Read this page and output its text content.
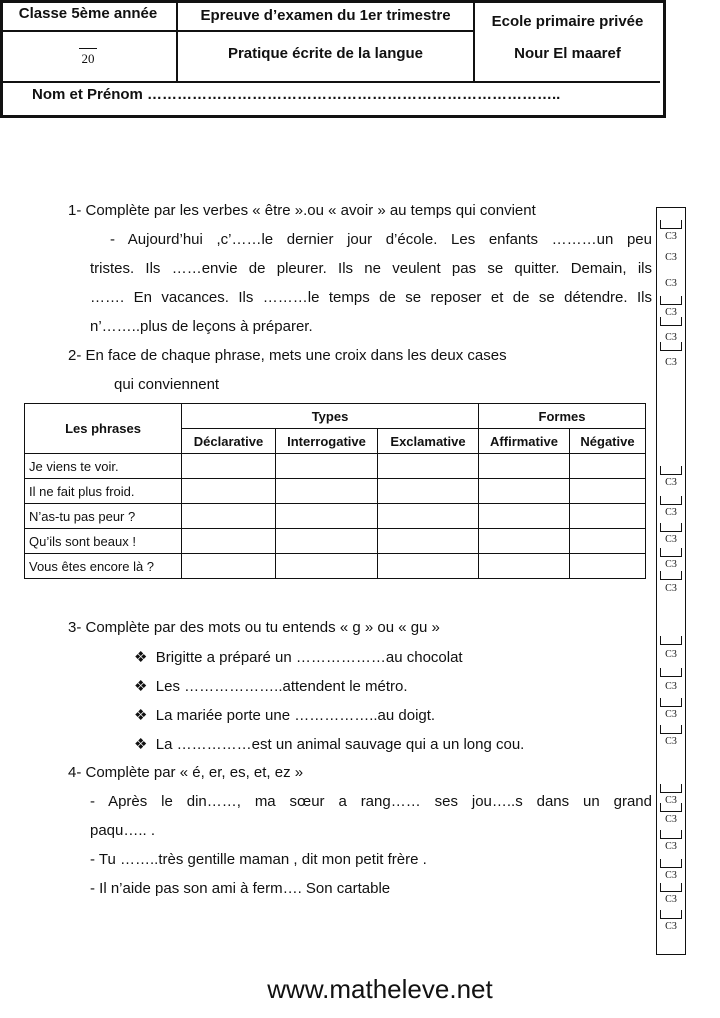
Classe 5ème année	Epreuve d’examen du 1er trimestre	Ecole primaire privée
20	Pratique écrite de la langue	Nour El maaref
Nom et Prénom ………………………………………………………………………..
1- Complète par les verbes « être ».ou « avoir » au temps qui convient
- Aujourd’hui ,c’……le dernier jour d’école. Les enfants ………un peu
tristes. Ils ……envie de pleurer. Ils ne veulent pas se quitter. Demain, ils
……. En vacances. Ils ………le temps de se reposer et de se détendre. Ils
n’……..plus de leçons à préparer.
2- En face de chaque phrase, mets une croix dans les deux cases
qui conviennent
Les phrases	Types			Formes	
	Déclarative	Interrogative	Exclamative	Affirmative	Négative
Je viens te voir.					
Il ne fait plus froid.					
N’as-tu pas peur ?					
Qu’ils sont beaux !					
Vous êtes encore là ?					
3- Complète par des mots ou tu entends « g » ou « gu »
❖ Brigitte a préparé un ………………au chocolat
❖ Les ………………..attendent le métro.
❖ La mariée porte une ……………..au doigt.
❖ La ……………est un animal sauvage qui a un long cou.
4- Complète par « é, er, es, et, ez »
- Après le din……, ma sœur a rang…… ses jou…..s dans un grand
paqu….. .
- Tu ……..très gentille maman , dit mon petit frère .
- Il n’aide pas son ami à ferm…. Son cartable
C3
C3
C3
C3
C3
C3
C3
C3
C3
C3
C3
C3
C3
C3
C3
C3
C3
C3
C3
C3
C3
www.matheleve.net
